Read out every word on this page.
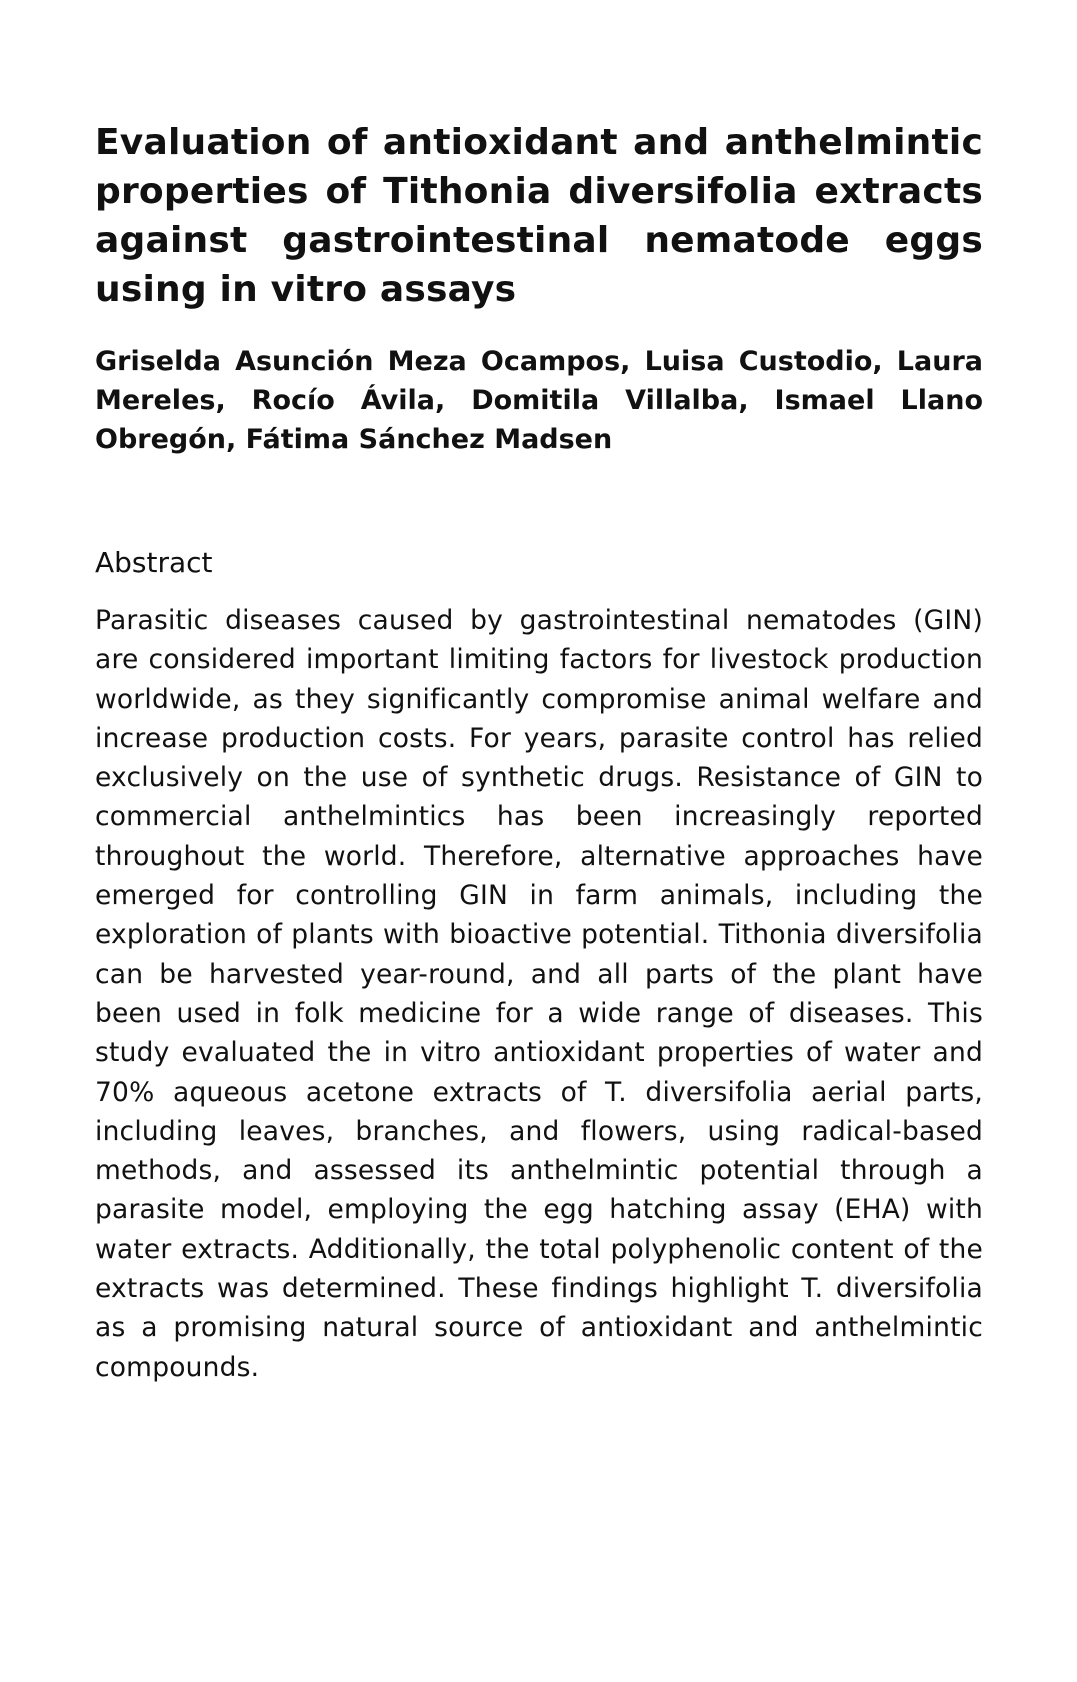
Evaluation of antioxidant and anthelmintic properties of Tithonia diversifolia extracts against gastrointestinal nematode eggs using in vitro assays

Griselda Asunción Meza Ocampos, Luisa Custodio, Laura Mereles, Rocío Ávila, Domitila Villalba, Ismael Llano Obregón, Fátima Sánchez Madsen

Abstract

Parasitic diseases caused by gastrointestinal nematodes (GIN) are considered important limiting factors for livestock production worldwide, as they significantly compromise animal welfare and increase production costs. For years, parasite control has relied exclusively on the use of synthetic drugs. Resistance of GIN to commercial anthelmintics has been increasingly reported throughout the world. Therefore, alternative approaches have emerged for controlling GIN in farm animals, including the exploration of plants with bioactive potential. Tithonia diversifolia can be harvested year-round, and all parts of the plant have been used in folk medicine for a wide range of diseases. This study evaluated the in vitro antioxidant properties of water and 70% aqueous acetone extracts of T. diversifolia aerial parts, including leaves, branches, and flowers, using radical-based methods, and assessed its anthelmintic potential through a parasite model, employing the egg hatching assay (EHA) with water extracts. Additionally, the total polyphenolic content of the extracts was determined. These findings highlight T. diversifolia as a promising natural source of antioxidant and anthelmintic compounds.
